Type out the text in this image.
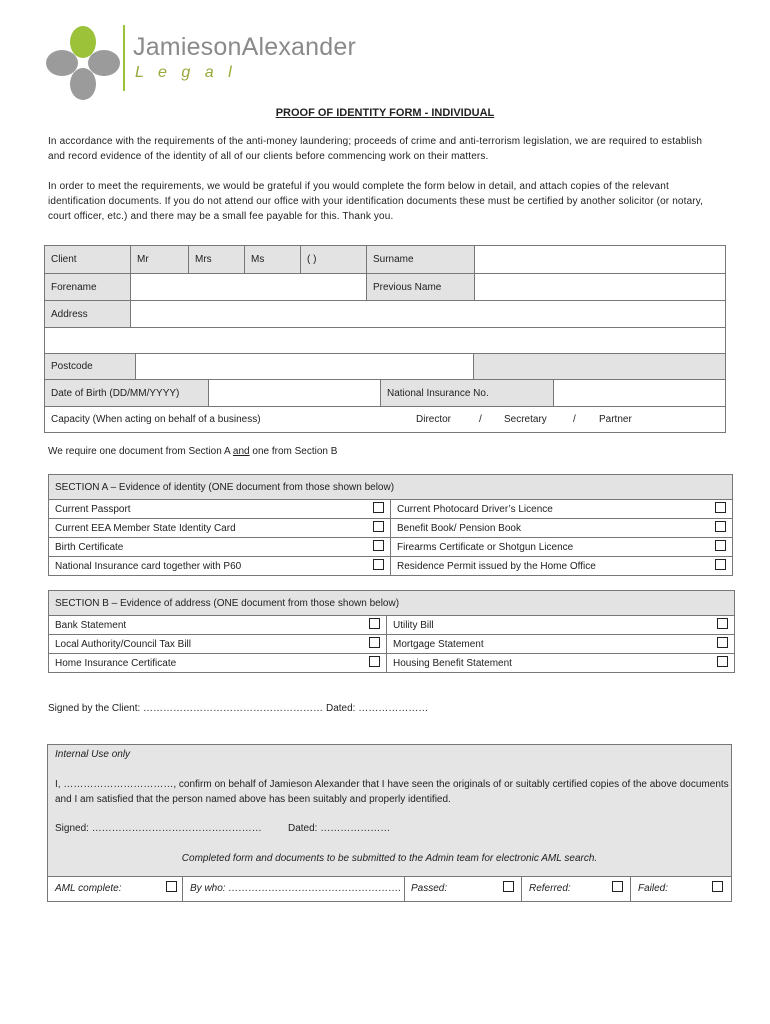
JamiesonAlexander
L e g a l
PROOF OF IDENTITY FORM - INDIVIDUAL
In accordance with the requirements of the anti-money laundering; proceeds of crime and anti-terrorism legislation, we are required to establish and record evidence of the identity of all of our clients before commencing work on their matters.
In order to meet the requirements, we would be grateful if you would complete the form below in detail, and attach copies of the relevant identification documents. If you do not attend our office with your identification documents these must be certified by another solicitor (or notary, court officer, etc.) and there may be a small fee payable for this. Thank you.
Client	Mr	Mrs	Ms	( )	Surname	
Forename		Previous Name	
Address	

Postcode		
Date of Birth (DD/MM/YYYY)		National Insurance No.	
Capacity (When acting on behalf of a business)	Director	/ Secretary	/ Partner
We require one document from Section A and one from Section B
SECTION A – Evidence of identity (ONE document from those shown below)			
Current Passport		Current Photocard Driver’s Licence	
Current EEA Member State Identity Card		Benefit Book/ Pension Book	
Birth Certificate		Firearms Certificate or Shotgun Licence	
National Insurance card together with P60		Residence Permit issued by the Home Office	
SECTION B – Evidence of address (ONE document from those shown below)			
Bank Statement		Utility Bill	
Local Authority/Council Tax Bill		Mortgage Statement	
Home Insurance Certificate		Housing Benefit Statement	
Signed by the Client: ……………………………………………… Dated: …………………
Internal Use only
I, ……………………………, confirm on behalf of Jamieson Alexander that I have seen the originals of or suitably certified copies of the above documents and I am satisfied that the person named above has been suitably and properly identified.
Signed: ……………………………………………	Dated: …………………
Completed form and documents to be submitted to the Admin team for electronic AML search.
AML complete:	By who: ……………………………………………. Passed:	Referred:	Failed:
